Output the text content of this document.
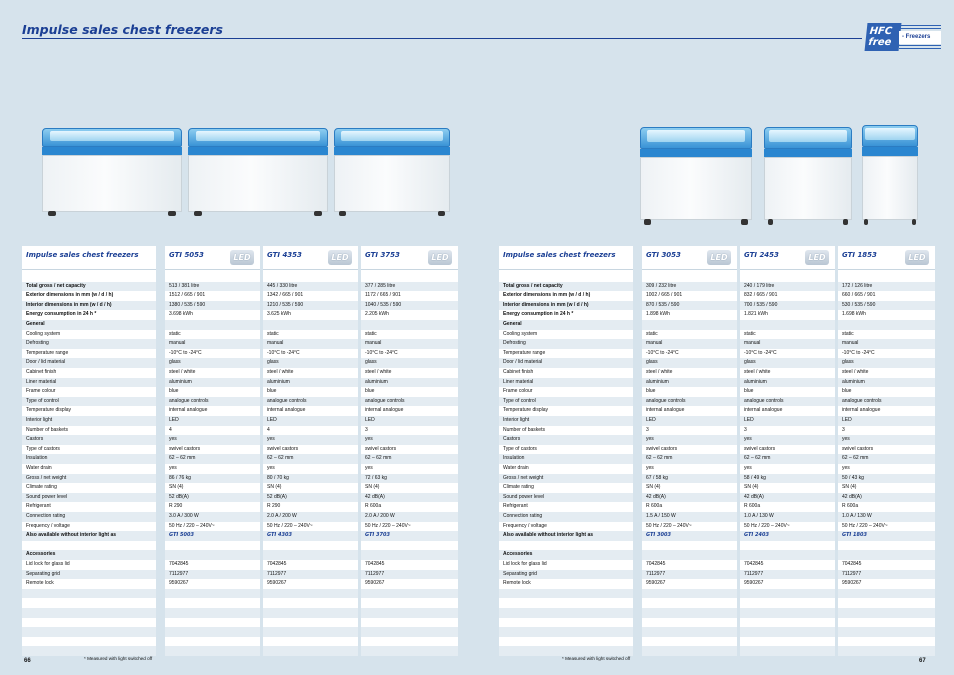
Impulse sales chest freezers	HFC free
-	Freezers
Impulse sales chest freezers
Total gross / net capacity
Exterior dimensions in mm (w / d / h)
Interior dimensions in mm (w / d / h)
Energy consumption in 24 h *
General
Cooling system
Defrosting
Temperature range
Door / lid material
Cabinet finish
Liner material
Frame colour
Type of control
Temperature display
Interior light
Number of baskets
Castors
Type of castors
Insulation
Water drain
Gross / net weight
Climate rating
Sound power level
Refrigerant
Connection rating
Frequency / voltage
Also available without interior light as
Accessories
Lid lock for glass lid
Separating grid
Remote lock
GTI 5053	LED
513 / 381 litre
1512 / 665 / 901
1380 / 535 / 590
3.698 kWh
static
manual
-10°C to -24°C
glass
steel / white
aluminium
blue
analogue controls
internal analogue
LED
4
yes
swivel castors
62 – 62 mm
yes
86 / 76 kg
SN (4)
52 dB(A)
R 290
3.0 A / 300 W
50 Hz / 220 – 240V~
GTI 5003
7042845
7112977
9590267
GTI 4353	LED
445 / 330 litre
1342 / 665 / 901
1210 / 535 / 590
3.625 kWh
static
manual
-10°C to -24°C
glass
steel / white
aluminium
blue
analogue controls
internal analogue
LED
4
yes
swivel castors
62 – 62 mm
yes
80 / 70 kg
SN (4)
52 dB(A)
R 290
2.0 A / 200 W
50 Hz / 220 – 240V~
GTI 4303
7042845
7112977
9590267
GTI 3753	LED
377 / 285 litre
1172 / 665 / 901
1040 / 535 / 590
2.205 kWh
static
manual
-10°C to -24°C
glass
steel / white
aluminium
blue
analogue controls
internal analogue
LED
3
yes
swivel castors
62 – 62 mm
yes
72 / 63 kg
SN (4)
42 dB(A)
R 600a
2.0 A / 200 W
50 Hz / 220 – 240V~
GTI 3703
7042845
7112977
9590267
Impulse sales chest freezers
Total gross / net capacity
Exterior dimensions in mm (w / d / h)
Interior dimensions in mm (w / d / h)
Energy consumption in 24 h *
General
Cooling system
Defrosting
Temperature range
Door / lid material
Cabinet finish
Liner material
Frame colour
Type of control
Temperature display
Interior light
Number of baskets
Castors
Type of castors
Insulation
Water drain
Gross / net weight
Climate rating
Sound power level
Refrigerant
Connection rating
Frequency / voltage
Also available without interior light as
Accessories
Lid lock for glass lid
Separating grid
Remote lock
GTI 3053	LED
309 / 232 litre
1002 / 665 / 901
870 / 535 / 590
1.898 kWh
static
manual
-10°C to -24°C
glass
steel / white
aluminium
blue
analogue controls
internal analogue
LED
3
yes
swivel castors
62 – 62 mm
yes
67 / 58 kg
SN (4)
42 dB(A)
R 600a
1.5 A / 150 W
50 Hz / 220 – 240V~
GTI 3003
7042845
7112977
9590267
GTI 2453	LED
240 / 179 litre
832 / 665 / 901
700 / 535 / 590
1.821 kWh
static
manual
-10°C to -24°C
glass
steel / white
aluminium
blue
analogue controls
internal analogue
LED
3
yes
swivel castors
62 – 62 mm
yes
58 / 49 kg
SN (4)
42 dB(A)
R 600a
1.0 A / 130 W
50 Hz / 220 – 240V~
GTI 2403
7042845
7112977
9590267
GTI 1853	LED
172 / 126 litre
660 / 665 / 901
530 / 535 / 590
1.698 kWh
static
manual
-10°C to -24°C
glass
steel / white
aluminium
blue
analogue controls
internal analogue
LED
3
yes
swivel castors
62 – 62 mm
yes
50 / 43 kg
SN (4)
42 dB(A)
R 600a
1.0 A / 130 W
50 Hz / 220 – 240V~
GTI 1803
7042845
7112977
9590267
66	* Measured with light switched off	* Measured with light switched off	67
